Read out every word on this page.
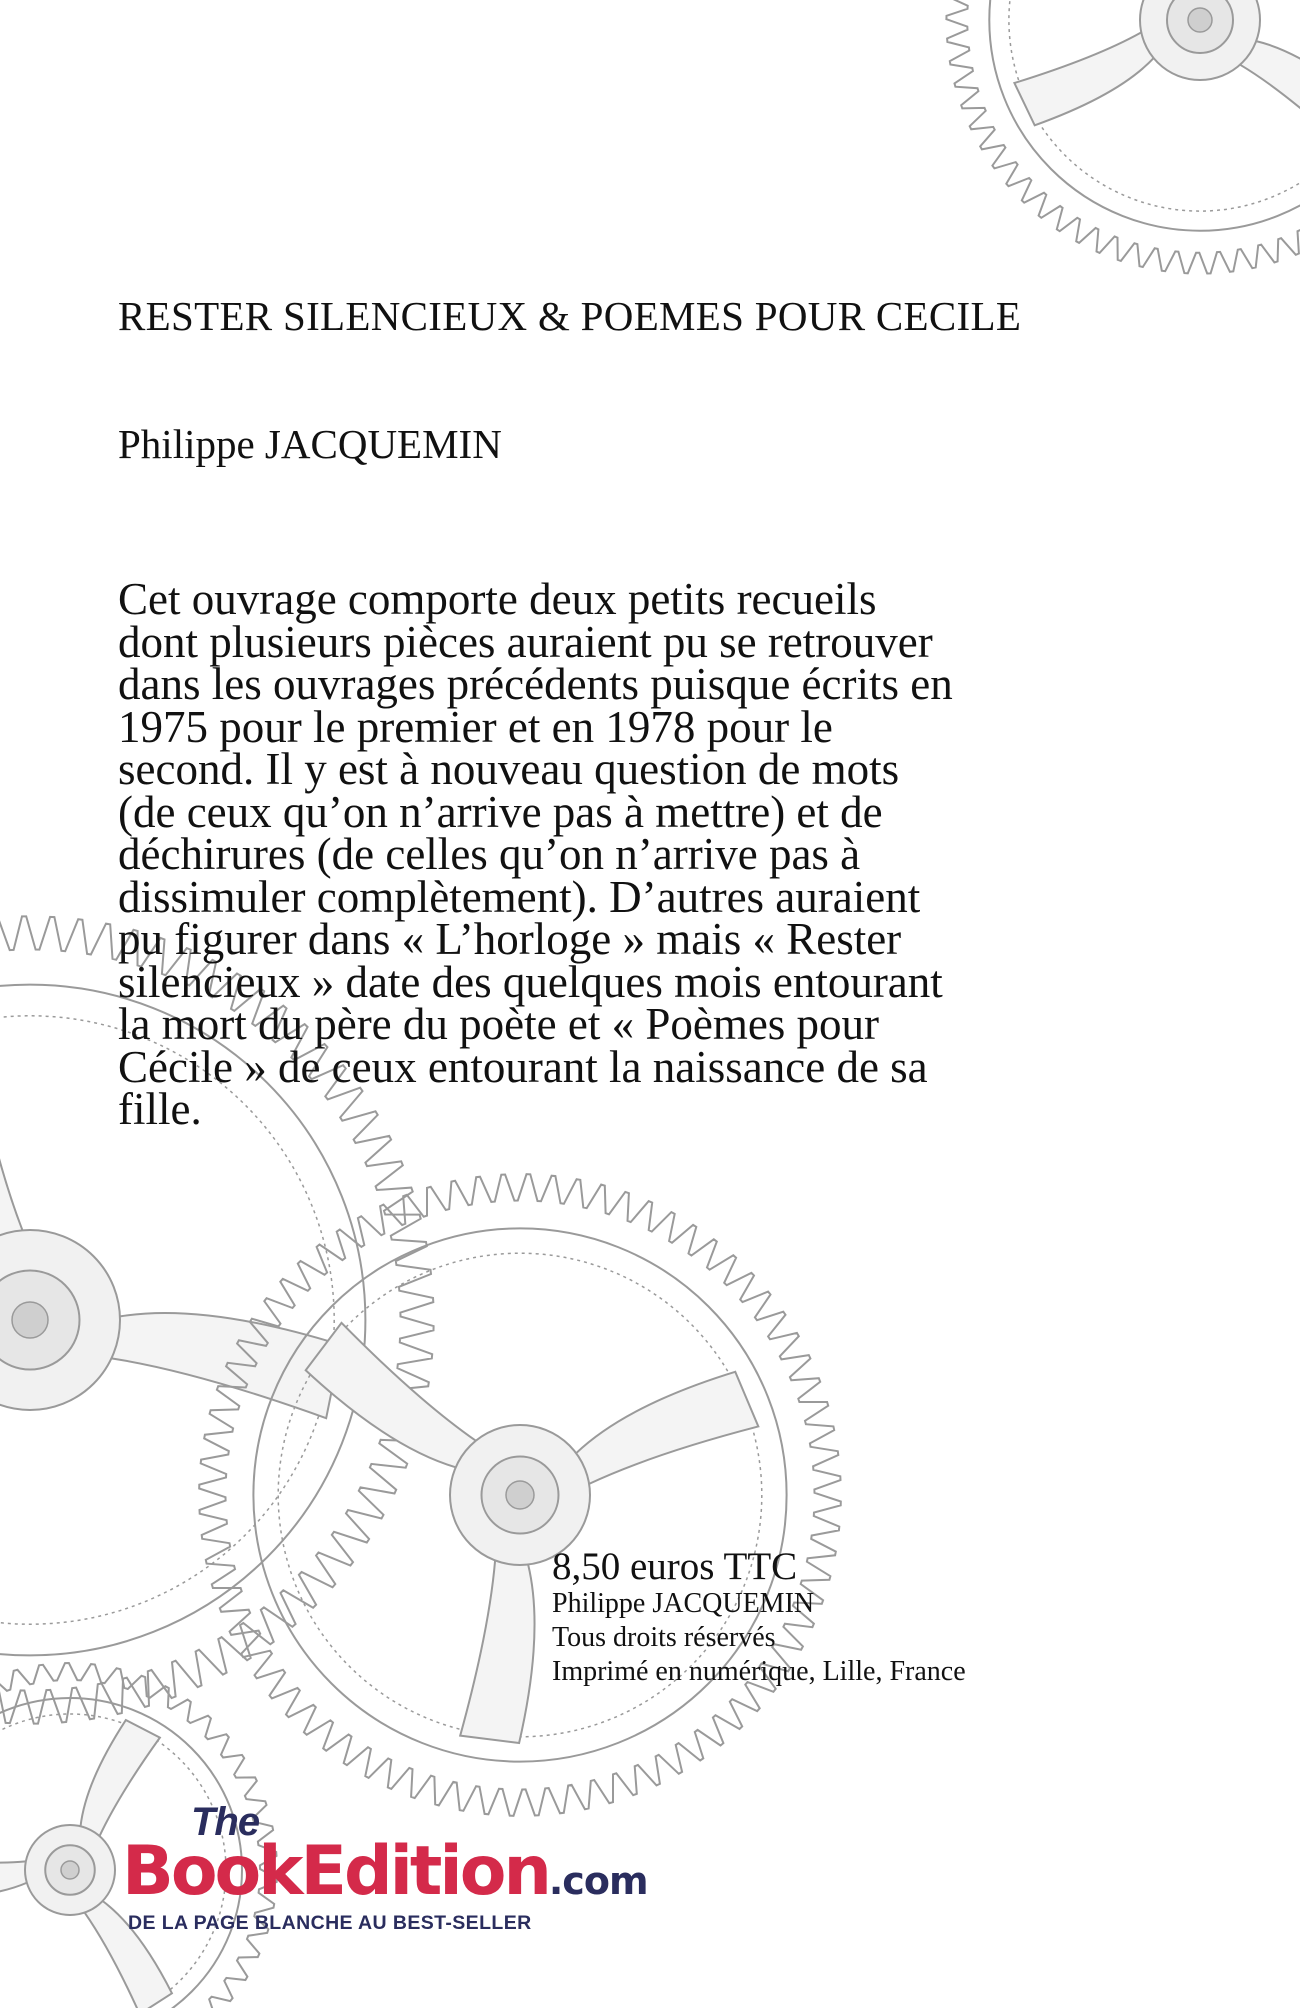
RESTER SILENCIEUX & POEMES POUR CECILE
Philippe JACQUEMIN

Cet ouvrage comporte deux petits recueils dont plusieurs pièces auraient pu se retrouver dans les ouvrages précédents puisque écrits en 1975 pour le premier et en 1978 pour le second. Il y est à nouveau question de mots (de ceux qu’on n’arrive pas à mettre) et de déchirures (de celles qu’on n’arrive pas à dissimuler complètement). D’autres auraient pu figurer dans « L’horloge » mais « Rester silencieux » date des quelques mois entourant la mort du père du poète et « Poèmes pour Cécile » de ceux entourant la naissance de sa fille.

8,50 euros TTC
Philippe JACQUEMIN
Tous droits réservés
Imprimé en numérique, Lille, France
The
BookEdition.com
DE LA PAGE BLANCHE AU BEST-SELLER
